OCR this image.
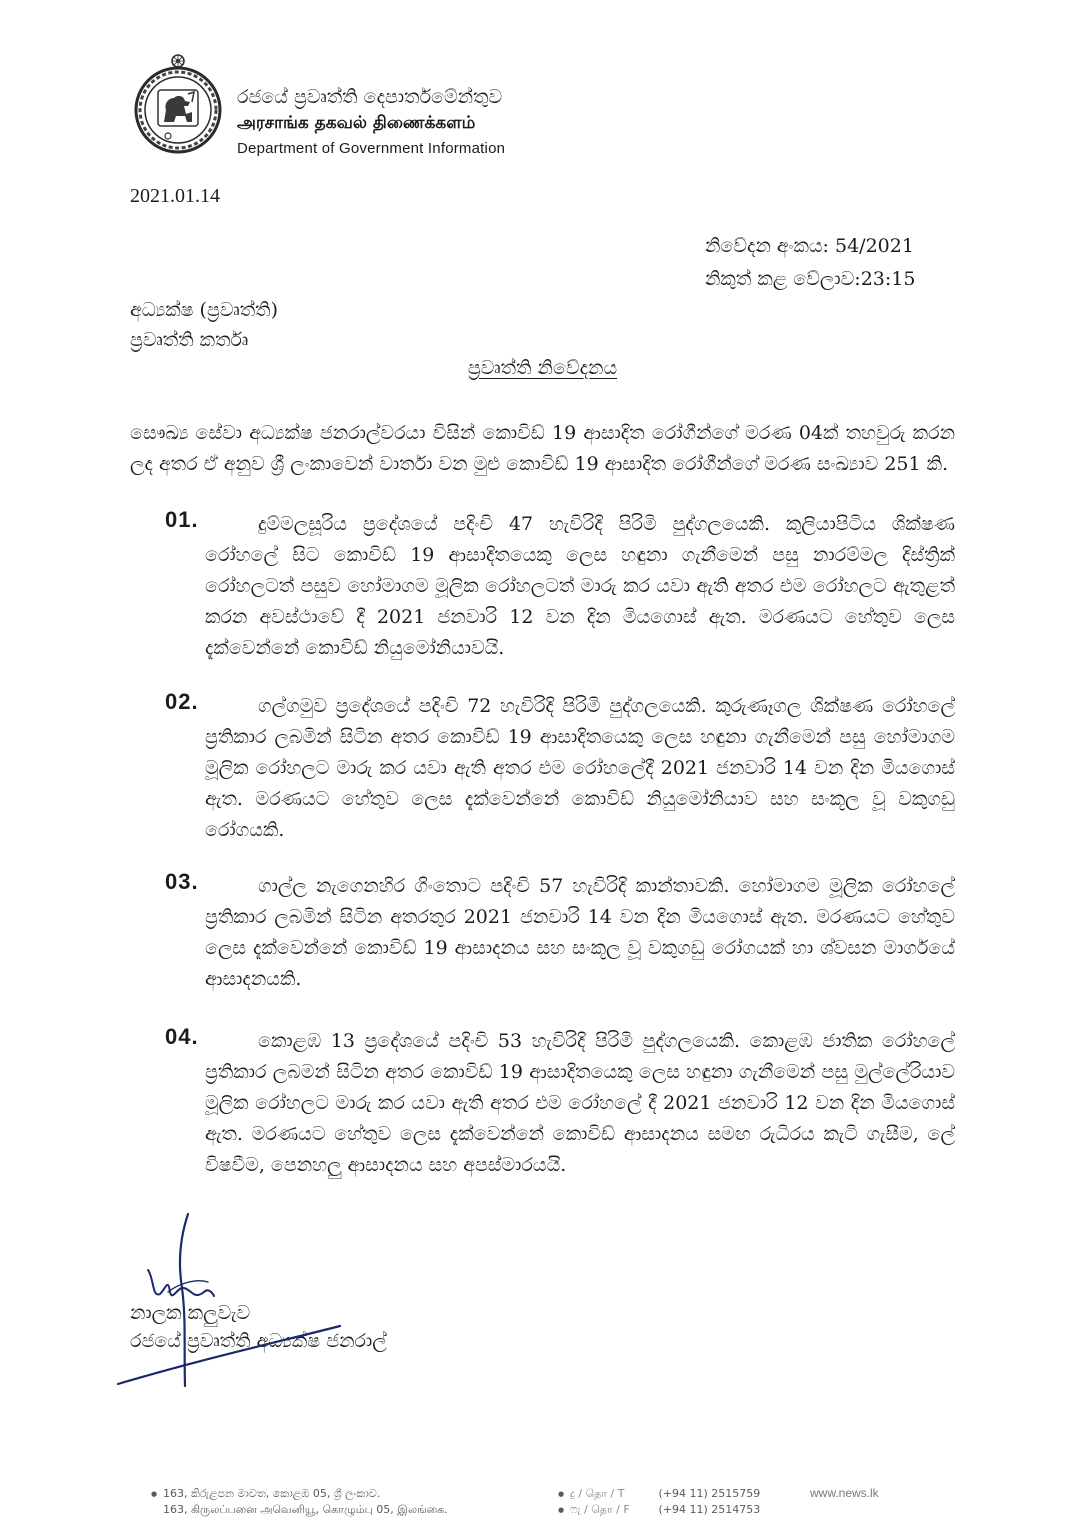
රජයේ ප්‍රවෘත්ති දෙපාර්තමේන්තුව
அரசாங்க தகவல் திணைக்களம்
Department of Government Information
2021.01.14
නිවේදන අංකය: 54/2021
නිකුත් කළ වේලාව:23:15
අධ්‍යක්ෂ (ප්‍රවෘත්ති)
ප්‍රවෘත්ති කර්තෘ
ප්‍රවෘත්ති නිවේදනය

සෞඛ්‍ය සේවා අධ්‍යක්ෂ ජනරාල්වරයා විසින් කොවිඩ් 19 ආසාදිත රෝගීන්ගේ මරණ 04ක් තහවුරු කරන ලද අතර ඒ අනුව ශ්‍රී ලංකාවෙන් වාර්තා වන මුළු කොවිඩ් 19 ආසාදිත රෝගීන්ගේ මරණ සංඛ්‍යාව 251 කි.

01.	දුම්මලසූරිය ප්‍රදේශයේ පදිංචි 47 හැවිරිදි පිරිමි පුද්ගලයෙකි. කුලියාපිටිය ශික්ෂණ රෝහලේ සිට කොවිඩ් 19 ආසාදිතයෙකු ලෙස හඳුනා ගැනීමෙන් පසු නාරම්මල දිස්ත්‍රික් රෝහලටත් පසුව හෝමාගම මූලික රෝහලටත් මාරු කර යවා ඇති අතර එම රෝහලට ඇතුළත් කරන අවස්ථාවේ දී 2021 ජනවාරි 12 වන දින මියගොස් ඇත. මරණයට හේතුව ලෙස දැක්වෙන්නේ කොවිඩ් නියුමෝනියාවයි.

02.	ගල්ගමුව ප්‍රදේශයේ පදිංචි 72 හැවිරිදි පිරිමි පුද්ගලයෙකි. කුරුණෑගල ශික්ෂණ රෝහලේ ප්‍රතිකාර ලබමින් සිටින අතර කොවිඩ් 19 ආසාදිතයෙකු ලෙස හඳුනා ගැනීමෙන් පසු හෝමාගම මූලික රෝහලට මාරු කර යවා ඇති අතර එම රෝහලේදී 2021 ජනවාරි 14 වන දින මියගොස් ඇත. මරණයට හේතුව ලෙස දැක්වෙන්නේ කොවිඩ් නියුමෝනියාව සහ සංකූල වූ වකුගඩු රෝගයකි.

03.	ගාල්ල නැගෙනහිර ගිංතොට පදිංචි 57 හැවිරිදි කාන්තාවකි. හෝමාගම මූලික රෝහලේ ප්‍රතිකාර ලබමින් සිටින අතරතුර 2021 ජනවාරි 14 වන දින මියගොස් ඇත. මරණයට හේතුව ලෙස දැක්වෙන්නේ කොවිඩ් 19 ආසාදනය සහ සංකූල වූ වකුගඩු රෝගයක් හා ශ්වසන මාර්ගයේ ආසාදනයකි.

04.	කොළඹ 13 ප්‍රදේශයේ පදිංචි 53 හැවිරිදි පිරිමි පුද්ගලයෙකි. කොළඹ ජාතික රෝහලේ ප්‍රතිකාර ලබමන් සිටින අතර කොවිඩ් 19 ආසාදිතයෙකු ලෙස හඳුනා ගැනීමෙන් පසු මුල්ලේරියාව මූලික රෝහලට මාරු කර යවා ඇති අතර එම රෝහලේ දී 2021 ජනවාරි 12 වන දින මියගොස් ඇත. මරණයට හේතුව ලෙස දැක්වෙන්නේ කොවිඩ් ආසාදනය සමඟ රුධිරය කැටි ගැසීම, ලේ විෂවීම, පෙනහලු ආසාදනය සහ අපස්මාරයයි.

නාලක කලුවැව
රජයේ ප්‍රවෘත්ති අධ්‍යක්ෂ ජනරාල්
● 163, කිරුළපන මාවත, කොළඹ 05, ශ්‍රී ලංකාව.
163, கிருலப்பனை அவெனியூ, கொழும்பு 05, இலங்கை.
● දු / தொ / T	(+94 11) 2515759
● ෆැ / தொ / F	(+94 11) 2514753
www.news.lk
